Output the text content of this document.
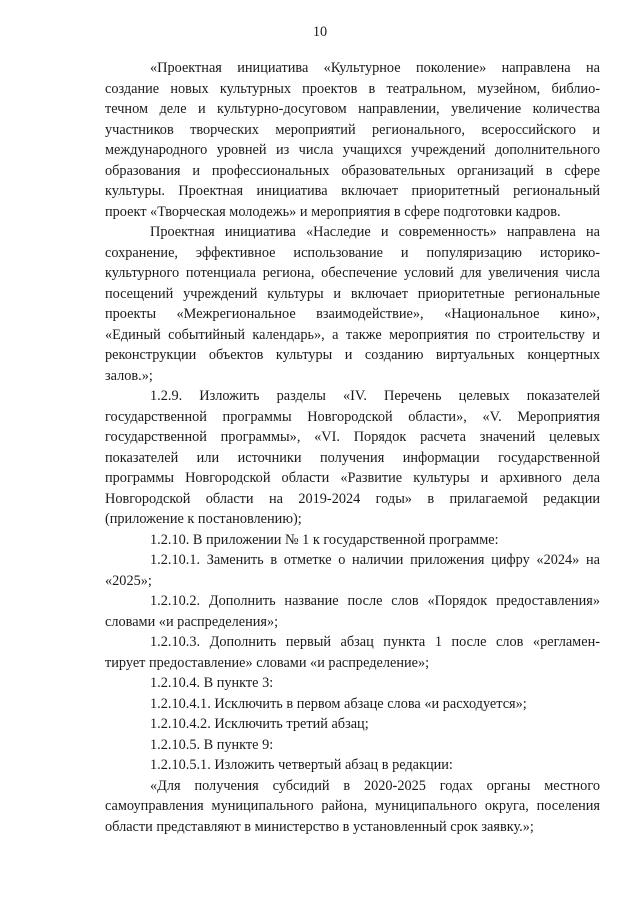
10
«Проектная инициатива «Культурное поколение» направлена на
создание новых культурных проектов в театральном, музейном, библио-
течном деле и культурно-досуговом направлении, увеличение количества
участников творческих мероприятий регионального, всероссийского и
международного уровней из числа учащихся учреждений дополнительного
образования и профессиональных образовательных организаций в сфере
культуры. Проектная инициатива включает приоритетный региональный
проект «Творческая молодежь» и мероприятия в сфере подготовки кадров.
Проектная инициатива «Наследие и современность» направлена на
сохранение, эффективное использование и популяризацию историко-
культурного потенциала региона, обеспечение условий для увеличения числа
посещений учреждений культуры и включает приоритетные региональные
проекты «Межрегиональное взаимодействие», «Национальное кино»,
«Единый событийный календарь», а также мероприятия по строительству и
реконструкции объектов культуры и созданию виртуальных концертных
залов.»;
1.2.9. Изложить разделы «IV. Перечень целевых показателей
государственной программы Новгородской области», «V. Мероприятия
государственной программы», «VI. Порядок расчета значений целевых
показателей или источники получения информации государственной
программы Новгородской области «Развитие культуры и архивного дела
Новгородской области на 2019-2024 годы» в прилагаемой редакции
(приложение к постановлению);
1.2.10. В приложении № 1 к государственной программе:
1.2.10.1. Заменить в отметке о наличии приложения цифру «2024» на
«2025»;
1.2.10.2. Дополнить название после слов «Порядок предоставления»
словами «и распределения»;
1.2.10.3. Дополнить первый абзац пункта 1 после слов «регламен-
тирует предоставление» словами «и распределение»;
1.2.10.4. В пункте 3:
1.2.10.4.1. Исключить в первом абзаце слова «и расходуется»;
1.2.10.4.2. Исключить третий абзац;
1.2.10.5. В пункте 9:
1.2.10.5.1. Изложить четвертый абзац в редакции:
«Для получения субсидий в 2020-2025 годах органы местного
самоуправления муниципального района, муниципального округа, поселения
области представляют в министерство в установленный срок заявку.»;
